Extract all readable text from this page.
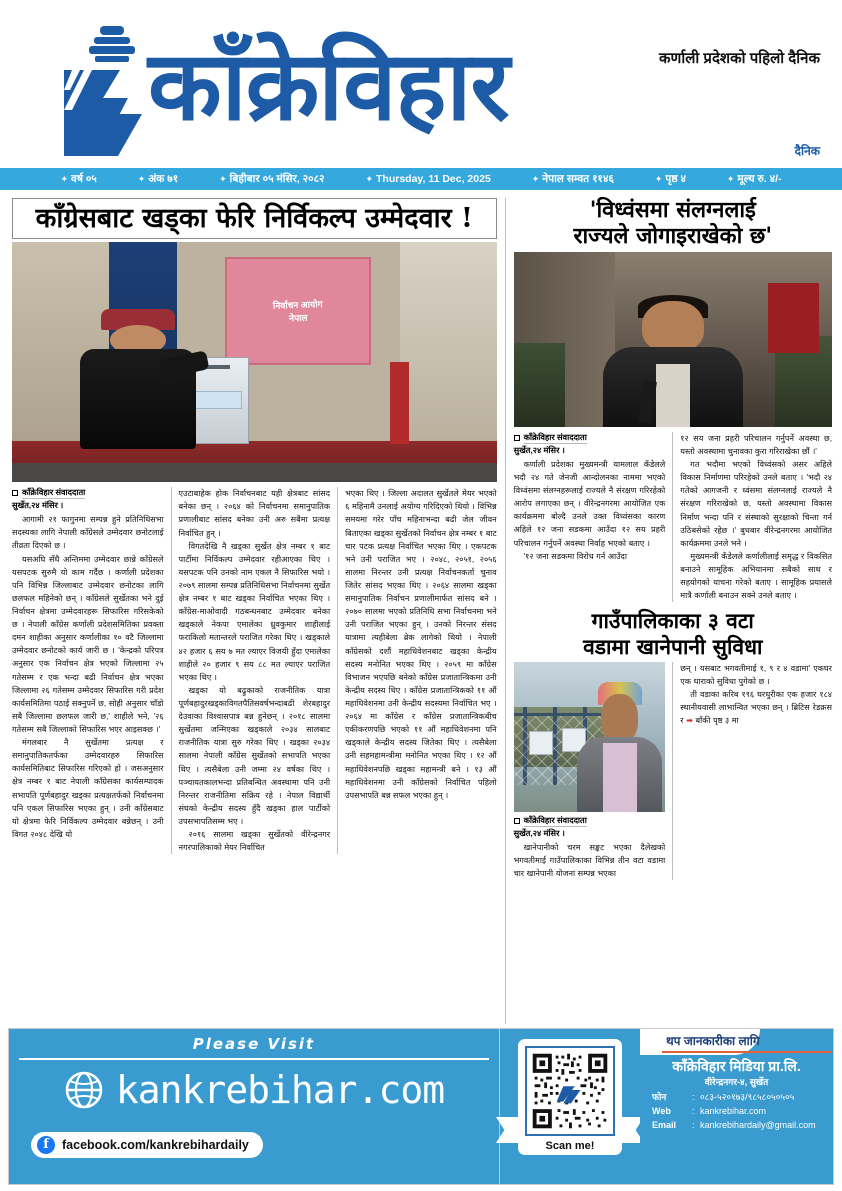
काँक्रेविहार	कर्णाली प्रदेशको पहिलो दैनिक
दैनिक
✦ वर्ष ०५	✦ अंक ७१	✦ बिहीबार ०५ मंसिर, २०८२	✦ Thursday, 11 Dec, 2025	✦ नेपाल सम्वत ११४६	✦ पृष्ठ ४	✦ मूल्य रु. ४/-
काँग्रेसबाट खड्का फेरि निर्विकल्प उम्मेदवार !
निर्वाचन आयोग
नेपाल
काँक्रेविहार संवाददाता
सुर्खेत,२४ मंसिर ।

आगामी २१ फागुनमा सम्पन्न हुने प्रतिनिधिसभा सदस्यका लागि नेपाली काँग्रेसले उम्मेदवार छनोटलाई तीव्रता दिएको छ ।

यसअघि सँधै अन्तिममा उम्मेदवार छान्ने काँग्रेसले यसपटक सुरुमै यो काम गर्दैछ । कर्णाली प्रदेशका पनि विभिन्न जिल्लाबाट उम्मेदवार छनोटका लागि छलफल महिनेको छन् । काँग्रेसले सुर्खेतका भने दुई निर्वाचन क्षेत्रमा उम्मेदवारहरू सिफारिस गरिसकेको छ । नेपाली काँग्रेस कर्णाली प्रदेशसमितिका प्रवक्ता दमन शाहीका अनुसार कर्णालीका १० वटै जिल्लामा उम्मेदवार छनोटको कार्य जारी छ । 'केन्द्रको परिपत्र अनुसार एक निर्वाचन क्षेत्र भएको जिल्लामा २५ गतेसम्म र एक भन्दा बढी निर्वाचन क्षेत्र भएका जिल्लामा २६ गतेसम्म उम्मेदवार सिफारिस गरी प्रदेश कार्यसमितिमा पठाई सक्नुपर्ने छ, सोही अनुसार चाँडो सबै जिल्लामा छलफल जारी छ,' शाहीले भने, '२६ गतेसम्म सबै जिल्लाको सिफारिस भएर आइसक्छ ।'

मंगलबार नै सुर्खेतमा प्रत्यक्ष र समानुपातिकतर्फका उम्मेदवारहरु सिफारिस कार्यसमितिबाट सिफारिस गरिएको हो । जसअनुसार क्षेत्र नम्बर १ बाट नेपाली काँग्रेसका कार्यसम्पादक सभापति पूर्णबहादुर खड्का प्रत्यक्षतर्फको निर्वाचनमा पनि एकल सिफारिस भएका हुन् । उनी काँग्रेसबाट यो क्षेत्रमा फेरि निर्विकल्प उम्मेदवार बन्नेछन् । उनी विगत २०४८ देखि यो

एउटाबाहेक होक निर्वाचनबाट यही क्षेत्रबाट सांसद बनेका छन् । २०६४ को निर्वाचनमा समानुपातिक प्रणालीबाट सांसद बनेका उनी अरु सबैमा प्रत्यक्ष निर्वाचित हुन् ।

विगतदेखि नै खड्का सुर्खेत क्षेत्र नम्बर १ बाट पार्टीमा निर्विकल्प उम्मेदवार रहीआएका थिए । यसपटक पनि उनको नाम एकल नै सिफारिस भयो । २०७९ सालमा सम्पन्न प्रतिनिधिसभा निर्वाचनमा सुर्खेत क्षेत्र नम्बर १ बाट खड्का निर्वाचित भएका थिए । काँग्रेस-माओवादी गठबन्धनबाट उम्मेदवार बनेका खड्काले नेकपा एमालेका ध्रुवकुमार शाहीलाई फराकिलो मतान्तरले पराजित गरेका थिए । खड्काले ४२ हजार ६ सय ७ मत ल्याएर विजयी हुँदा एमालेका शाहीले २० हजार ९ सय ८८ मत ल्याएर पराजित भएका थिए ।

खड्का यो बढ्रुकाको राजनीतिक यात्रा पूर्णबहादुरखड्काविगतपैतिसवर्षभन्दाबढी शेरबहादुर देउवाका विश्वासपात्र बन्न हुनेछन् । २०१८ सालमा सुर्खेतमा जन्मिएका खड्काले २०३४ सालबाट राजनीतिक यात्रा सुरु गरेका थिए । खड्का २०३४ सालमा नेपाली काँग्रेस सुर्खेतको सभापति भएका थिए । त्यसैबेला उनी जम्मा २४ वर्षका थिए । पञ्चायतकालभन्दा प्रतिबन्धित अवस्थामा पनि उनी निरन्तर राजनीतिमा सक्रिय रहे । नेपाल विद्यार्थी संघको केन्द्रीय सदस्य हुँदै खड्का हाल पार्टीको उपसभापतिसम्म भए ।

२०१६ सालमा खड्का सुर्खेतको वीरेन्द्रनगर नगरपालिकाको मेयर निर्वाचित

भएका थिए । जिल्ला अदालत सुर्खेतले मेयर भएको ६ महिनामै उनलाई अयोग्य गरिदिएको थियो । विभिन्न समयमा गरेर पाँच महिनाभन्दा बढी जेल जीवन बिताएका खड्का सुर्खेतको निर्वाचन क्षेत्र नम्बर १ बाट चार पटक प्रत्यक्ष निर्वाचित भएका थिए । एकपटक भने उनी पराजित भए । २०४८, २०५१, २०५६ सालमा निरन्तर उनी प्रत्यक्ष निर्वाचनकर्ता चुनाव जितेर सांसद भएका थिए । २०६४ सालमा खड्का समानुपातिक निर्वाचन प्रणालीमार्फत सांसद बने । २०७० सालमा भएको प्रतिनिधि सभा निर्वाचनमा भने उनी पराजित भएका हुन् । उनको निरन्तर संसद यात्रामा त्यहीबेला ब्रेक लागेको थियो । नेपाली काँग्रेसको दशौं महाधिवेशनबाट खड्का केन्द्रीय सदस्य मनोनित भएका थिए । २०५९ मा काँग्रेस विभाजन भएपछि बनेको काँग्रेस प्रजातान्त्रिकमा उनी केन्द्रीय सदस्य थिए । काँग्रेस प्रजातान्त्रिकको ११ औं महाधिवेशनमा उनी केन्द्रीय सदस्यमा निर्वाचित भए । २०६४ मा काँग्रेस र काँग्रेस प्रजातान्त्रिकबीच एकीकरणपछि भएको ११ औं महाधिवेशनमा पनि खड्काले केन्द्रीय सदस्य जितेका थिए । त्यसैबेला उनी सहमहामन्त्रीमा मनोनित भएका थिए । १२ औं महाधिवेशनपछि खड्का महामन्त्री बने । १३ औं महाधिवेशनमा उनी काँग्रेसको निर्वाचित पहिलो उपसभापति बन्न सफल भएका हुन् ।

'विध्वंसमा संलग्नलाई
राज्यले जोगाइराखेको छ'
काँक्रेविहार संवाददाता
सुर्खेत,२४ मंसिर ।

कर्णाली प्रदेशका मुख्यमन्त्री यामलाल कँडेलले भदौ २४ गते जेनजी आन्दोलनका नाममा भएको विध्वंसमा संलग्नहरूलाई राज्यले नै संरक्षण गरिरहेको आरोप लगाएका छन् । वीरेन्द्रनगरमा आयोजित एक कार्यक्रममा बोल्दै उनले उक्त विध्वंसका कारण अहिले १२ जना सडकमा आउँदा १२ सय प्रहरी परिचालन गर्नुपर्ने अवस्था निर्वाह भएको बताए ।

'१२ जना सडकमा विरोध गर्न आउँदा

१२ सय जना प्रहरी परिचालन गर्नुपर्ने अवस्था छ, यस्तो अवस्थामा चुनावका कुरा गरिराखेका छौं ।'

गत भदौमा भएको विध्वंसको असर अहिले विकास निर्माणमा परिरहेको उनले बताए । 'भदौ २४ गतेको आगजनी र ध्वंसमा संलग्नलाई राज्यले नै संरक्षण गरिराखेको छ, यस्तो अवस्थामा विकास निर्माण भन्दा पनि र संस्थाको सुरक्षाको चिन्ता गर्न उठिबसेको रहेछ ।' बुधबार वीरेन्द्रनगरमा आयोजित कार्यक्रममा उनले भने ।

मुख्यमन्त्री कँडेलले कर्णालीलाई समृद्ध र विकसित बनाउने सामूहिक अभियानमा सबैको साथ र सहयोगको याचना गरेको बताए । सामूहिक प्रयासले मात्रै कर्णाली बनाउन सक्ने उनले बताए ।

गाउँपालिकाका ३ वटा
वडामा खानेपानी सुविधा
काँक्रेविहार संवाददाता
सुर्खेत,२४ मंसिर ।

खानेपानीको चरम सङ्कट भएका दैलेखको भगवतीमाई गाउँपालिकाका विभिन्न तीन वटा वडामा चार खानेपानी योजना सम्पन्न भएका

छन् । यसबाट भगवतीमाई १, ९ र ४ वडामा' एकघर एक धाराको सुविधा पुगेको छ ।

ती वडाका करिब १९६ घरधुरीका एक हजार १८४ स्थानीयवासी लाभान्वित भएका छन् । ब्रिटिस रेडक्रस र ➡ बाँकी पृष्ठ ३ मा

Please Visit
kankrebihar.com
f	facebook.com/kankrebihardaily	Scan me!
थप जानकारीका लागि
काँक्रेविहार मिडिया प्रा.लि.
वीरेन्द्रनगर-४, सुर्खेत
फोन	: ०८३-५२०१७३/९८५८०५०५०५
Web	: kankrebihar.com
Email	: kankrebihardaily@gmail.com
